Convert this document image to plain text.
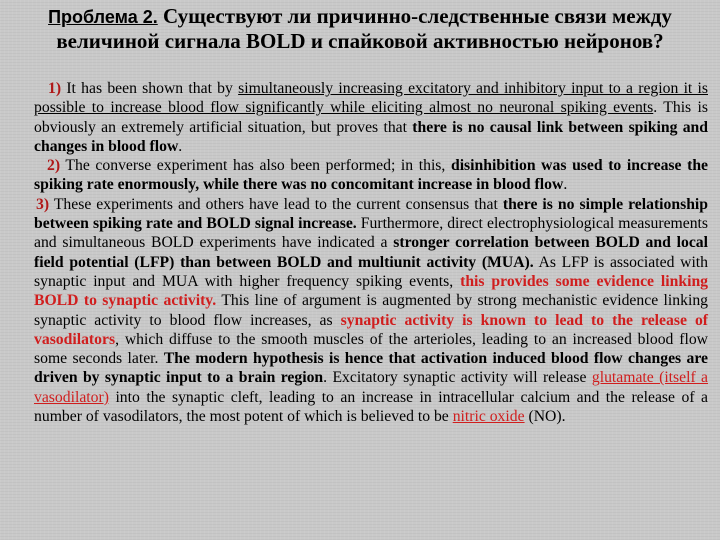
Проблема 2. Существуют ли причинно-следственные связи между величиной сигнала BOLD и спайковой активностью нейронов?

1) It has been shown that by simultaneously increasing excitatory and inhibitory input to a region it is possible to increase blood flow significantly while eliciting almost no neuronal spiking events. This is obviously an extremely artificial situation, but proves that there is no causal link between spiking and changes in blood flow.

2) The converse experiment has also been performed; in this, disinhibition was used to increase the spiking rate enormously, while there was no concomitant increase in blood flow.

3) These experiments and others have lead to the current consensus that there is no simple relationship between spiking rate and BOLD signal increase. Furthermore, direct electrophysiological measurements and simultaneous BOLD experiments have indicated a stronger correlation between BOLD and local field potential (LFP) than between BOLD and multiunit activity (MUA). As LFP is associated with synaptic input and MUA with higher frequency spiking events, this provides some evidence linking BOLD to synaptic activity. This line of argument is augmented by strong mechanistic evidence linking synaptic activity to blood flow increases, as synaptic activity is known to lead to the release of vasodilators, which diffuse to the smooth muscles of the arterioles, leading to an increased blood flow some seconds later. The modern hypothesis is hence that activation induced blood flow changes are driven by synaptic input to a brain region. Excitatory synaptic activity will release glutamate (itself a vasodilator) into the synaptic cleft, leading to an increase in intracellular calcium and the release of a number of vasodilators, the most potent of which is believed to be nitric oxide (NO).
